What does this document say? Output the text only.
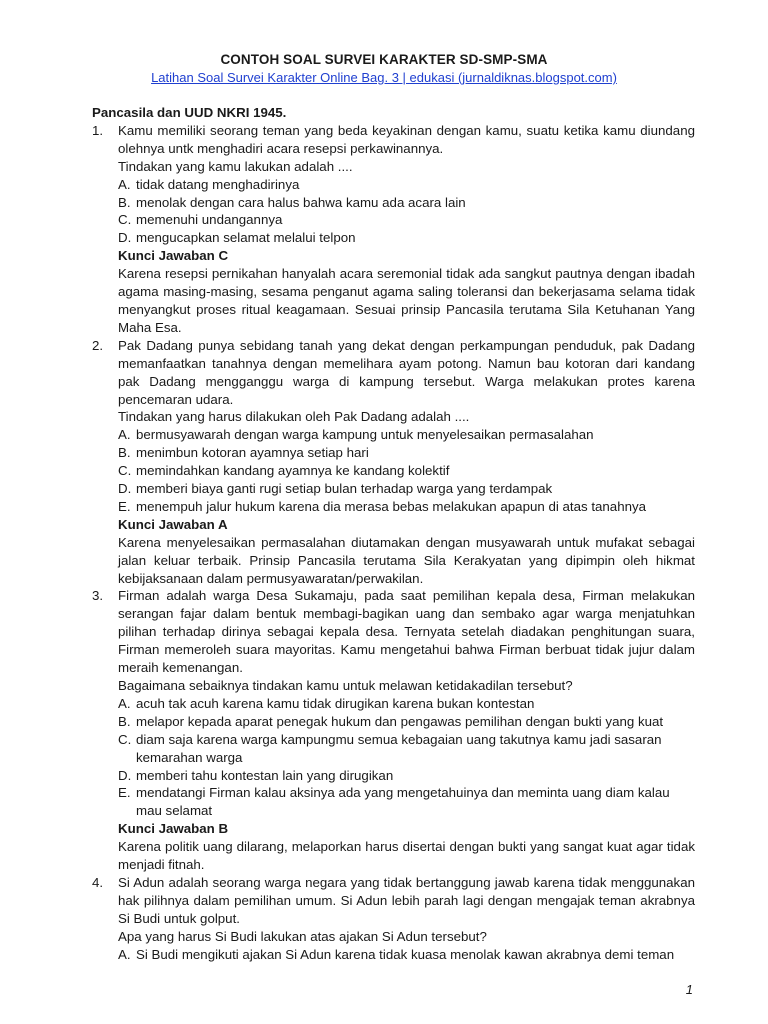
CONTOH SOAL SURVEI KARAKTER SD-SMP-SMA
Latihan Soal Survei Karakter Online Bag. 3 | edukasi (jurnaldiknas.blogspot.com)

Pancasila dan UUD NKRI 1945.

1. Kamu memiliki seorang teman yang beda keyakinan dengan kamu, suatu ketika kamu diundang olehnya untk menghadiri acara resepsi perkawinannya.

Tindakan yang kamu lakukan adalah ....

A. tidak datang menghadirinya
B. menolak dengan cara halus bahwa kamu ada acara lain
C. memenuhi undangannya
D. mengucapkan selamat melalui telpon

Kunci Jawaban C

Karena resepsi pernikahan hanyalah acara seremonial tidak ada sangkut pautnya dengan ibadah agama masing-masing, sesama penganut agama saling toleransi dan bekerjasama selama tidak menyangkut proses ritual keagamaan. Sesuai prinsip Pancasila terutama Sila Ketuhanan Yang Maha Esa.

2. Pak Dadang punya sebidang tanah yang dekat dengan perkampungan penduduk, pak Dadang memanfaatkan tanahnya dengan memelihara ayam potong. Namun bau kotoran dari kandang pak Dadang mengganggu warga di kampung tersebut. Warga melakukan protes karena pencemaran udara.

Tindakan yang harus dilakukan oleh Pak Dadang adalah ....

A. bermusyawarah dengan warga kampung untuk menyelesaikan permasalahan
B. menimbun kotoran ayamnya setiap hari
C. memindahkan kandang ayamnya ke kandang kolektif
D. memberi biaya ganti rugi setiap bulan terhadap warga yang terdampak
E. menempuh jalur hukum karena dia merasa bebas melakukan apapun di atas tanahnya

Kunci Jawaban A

Karena menyelesaikan permasalahan diutamakan dengan musyawarah untuk mufakat sebagai jalan keluar terbaik. Prinsip Pancasila terutama Sila Kerakyatan yang dipimpin oleh hikmat kebijaksanaan dalam permusyawaratan/perwakilan.

3. Firman adalah warga Desa Sukamaju, pada saat pemilihan kepala desa, Firman melakukan serangan fajar dalam bentuk membagi-bagikan uang dan sembako agar warga menjatuhkan pilihan terhadap dirinya sebagai kepala desa. Ternyata setelah diadakan penghitungan suara, Firman memeroleh suara mayoritas. Kamu mengetahui bahwa Firman berbuat tidak jujur dalam meraih kemenangan.

Bagaimana sebaiknya tindakan kamu untuk melawan ketidakadilan tersebut?

A. acuh tak acuh karena kamu tidak dirugikan karena bukan kontestan
B. melapor kepada aparat penegak hukum dan pengawas pemilihan dengan bukti yang kuat
C. diam saja karena warga kampungmu semua kebagaian uang takutnya kamu jadi sasaran kemarahan warga
D. memberi tahu kontestan lain yang dirugikan
E. mendatangi Firman kalau aksinya ada yang mengetahuinya dan meminta uang diam kalau mau selamat

Kunci Jawaban B

Karena politik uang dilarang, melaporkan harus disertai dengan bukti yang sangat kuat agar tidak menjadi fitnah.

4. Si Adun adalah seorang warga negara yang tidak bertanggung jawab karena tidak menggunakan hak pilihnya dalam pemilihan umum. Si Adun lebih parah lagi dengan mengajak teman akrabnya Si Budi untuk golput.

Apa yang harus Si Budi lakukan atas ajakan Si Adun tersebut?

A. Si Budi mengikuti ajakan Si Adun karena tidak kuasa menolak kawan akrabnya demi teman
1
